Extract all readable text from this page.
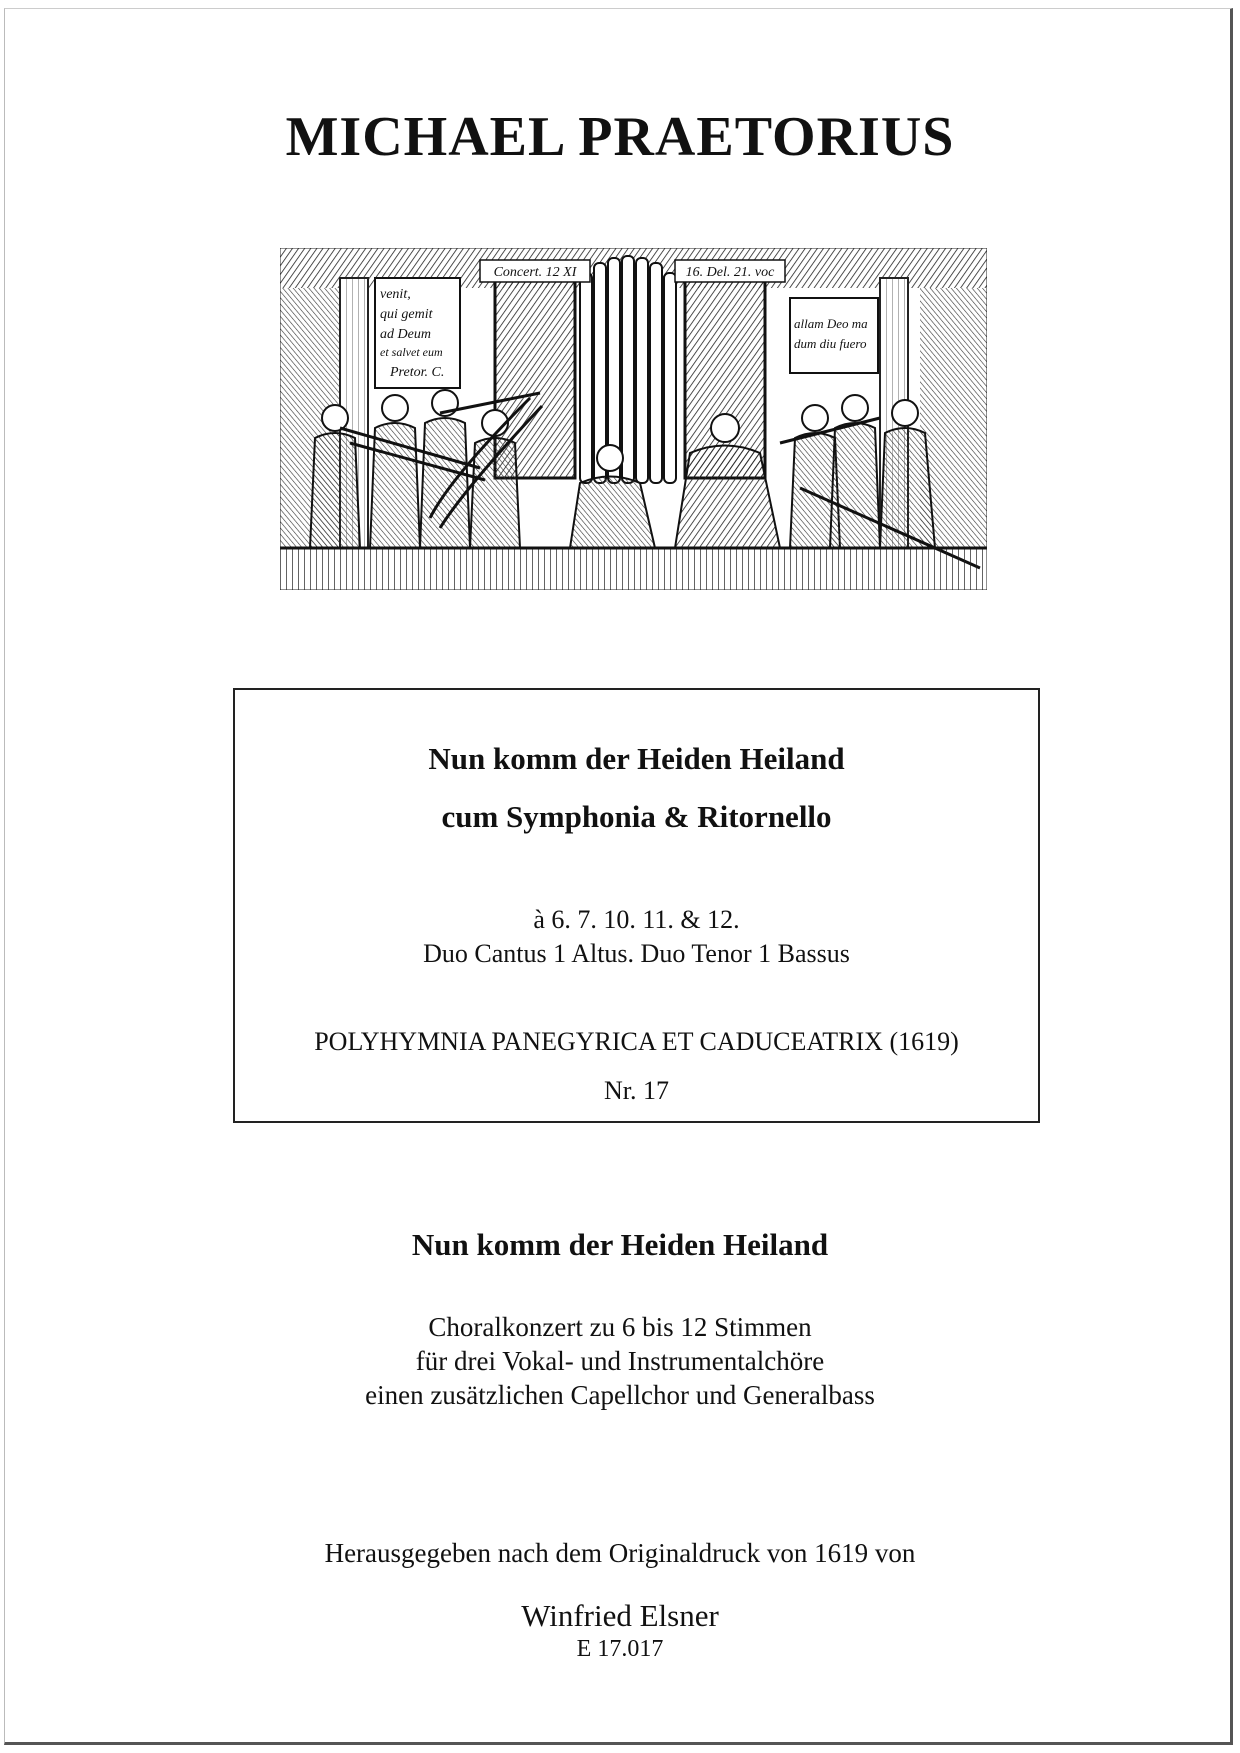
MICHAEL PRAETORIUS
Concert. 12 XI	16. Del. 21. voc
venit,
qui gemit
ad Deum
et salvet eum
Pretor. C.
allam Deo ma
dum diu fuero

Nun komm der Heiden Heiland

cum Symphonia & Ritornello

à 6. 7. 10. 11. & 12.

Duo Cantus 1 Altus. Duo Tenor 1 Bassus

POLYHYMNIA PANEGYRICA ET CADUCEATRIX (1619)

Nr. 17

Nun komm der Heiden Heiland

Choralkonzert zu 6 bis 12 Stimmen

für drei Vokal- und Instrumentalchöre

einen zusätzlichen Capellchor und Generalbass

Herausgegeben nach dem Originaldruck von 1619 von

Winfried Elsner

E 17.017
